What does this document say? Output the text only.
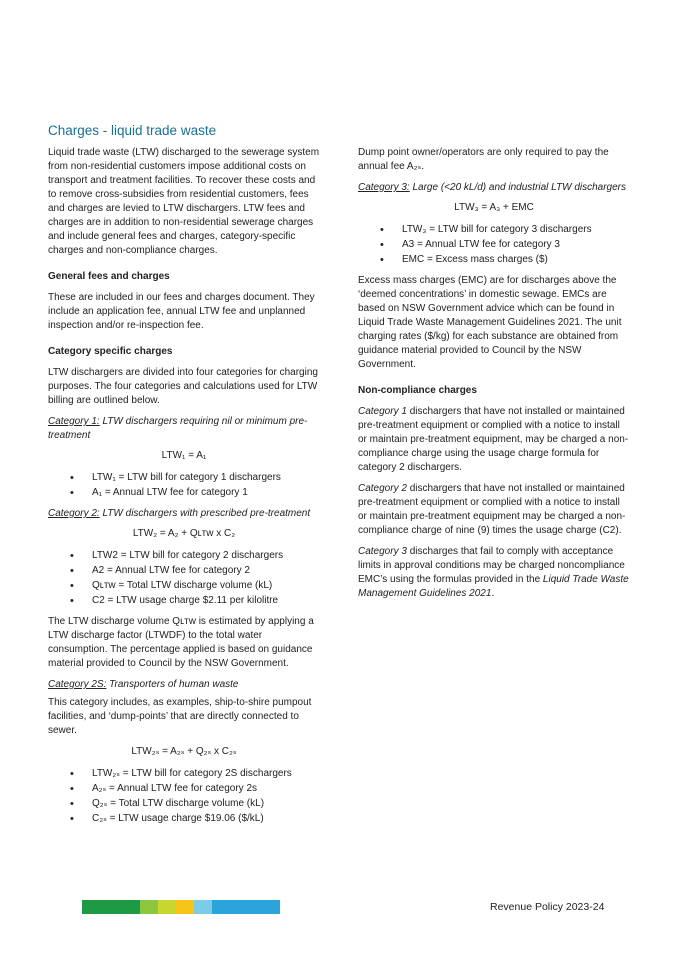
Charges - liquid trade waste

Liquid trade waste (LTW) discharged to the sewerage system from non-residential customers impose additional costs on transport and treatment facilities. To recover these costs and to remove cross-subsidies from residential customers, fees and charges are levied to LTW dischargers. LTW fees and charges are in addition to non-residential sewerage charges and include general fees and charges, category-specific charges and non-compliance charges.

General fees and charges

These are included in our fees and charges document. They include an application fee, annual LTW fee and unplanned inspection and/or re-inspection fee.

Category specific charges

LTW dischargers are divided into four categories for charging purposes. The four categories and calculations used for LTW billing are outlined below.

Category 1: LTW dischargers requiring nil or minimum pre-treatment

LTW₁ = A₁
• LTW₁ = LTW bill for category 1 dischargers
• A₁ = Annual LTW fee for category 1

Category 2: LTW dischargers with prescribed pre-treatment

LTW₂ = A₂ + Qʟᴛᴡ x C₂
• LTW2 = LTW bill for category 2 dischargers
• A2 = Annual LTW fee for category 2
• Qʟᴛᴡ = Total LTW discharge volume (kL)
• C2 = LTW usage charge $2.11 per kilolitre

The LTW discharge volume Qʟᴛᴡ is estimated by applying a LTW discharge factor (LTWDF) to the total water consumption. The percentage applied is based on guidance material provided to Council by the NSW Government.

Category 2S: Transporters of human waste

This category includes, as examples, ship-to-shire pumpout facilities, and ‘dump-points’ that are directly connected to sewer.

LTW₂ₛ = A₂ₛ + Q₂ₛ x C₂ₛ
• LTW₂ₛ = LTW bill for category 2S dischargers
• A₂ₛ = Annual LTW fee for category 2s
• Q₂ₛ = Total LTW discharge volume (kL)
• C₂ₛ = LTW usage charge $19.06 ($/kL)

Dump point owner/operators are only required to pay the annual fee A₂ₛ.

Category 3: Large (<20 kL/d) and industrial LTW dischargers

LTW₃ = A₃ + EMC
• LTW₃ = LTW bill for category 3 dischargers
• A3 = Annual LTW fee for category 3
• EMC = Excess mass charges ($)

Excess mass charges (EMC) are for discharges above the ‘deemed concentrations’ in domestic sewage. EMCs are based on NSW Government advice which can be found in Liquid Trade Waste Management Guidelines 2021. The unit charging rates ($/kg) for each substance are obtained from guidance material provided to Council by the NSW Government.

Non-compliance charges

Category 1 dischargers that have not installed or maintained pre-treatment equipment or complied with a notice to install or maintain pre-treatment equipment, may be charged a non-compliance charge using the usage charge formula for category 2 dischargers.

Category 2 dischargers that have not installed or maintained pre-treatment equipment or complied with a notice to install or maintain pre-treatment equipment may be charged a non-compliance charge of nine (9) times the usage charge (C2).

Category 3 discharges that fail to comply with acceptance limits in approval conditions may be charged noncompliance EMC’s using the formulas provided in the Liquid Trade Waste Management Guidelines 2021.

Revenue Policy 2023-24
